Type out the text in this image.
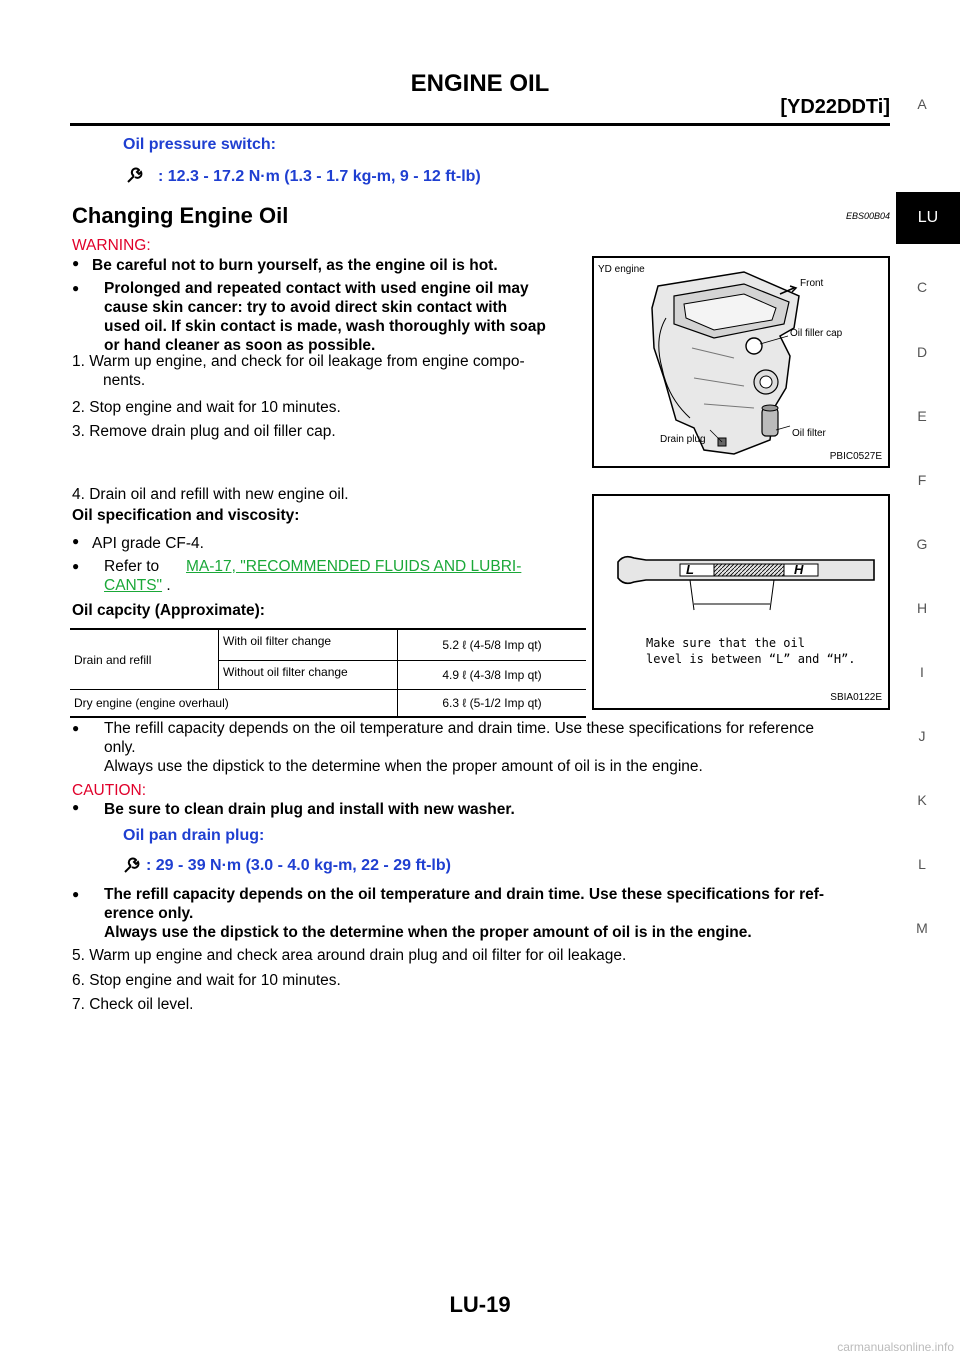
ENGINE OIL
[YD22DDTi]
Oil pressure switch:
: 12.3 - 17.2 N·m (1.3 - 1.7 kg-m, 9 - 12 ft-lb)
Changing Engine Oil	EBS00B04
WARNING:
● Be careful not to burn yourself, as the engine oil is hot.
● Prolonged and repeated contact with used engine oil may
cause skin cancer: try to avoid direct skin contact with
used oil. If skin contact is made, wash thoroughly with soap
or hand cleaner as soon as possible.
1. Warm up engine, and check for oil leakage from engine compo-
nents.
2. Stop engine and wait for 10 minutes.
3. Remove drain plug and oil filler cap.
4. Drain oil and refill with new engine oil.
YD engine
Front
Oil filler cap
Drain plug
Oil filter
PBIC0527E
L	H
Make sure that the oil
level is between “L” and “H”.
SBIA0122E
Oil specification and viscosity:
● API grade CF-4.
● Refer to MA-17, "RECOMMENDED FLUIDS AND LUBRI-
CANTS" .
Oil capcity (Approximate):
Drain and refill	With oil filter change	5.2 ℓ (4-5/8 Imp qt)
	Without oil filter change	4.9 ℓ (4-3/8 Imp qt)
Dry engine (engine overhaul)		6.3 ℓ (5-1/2 Imp qt)
● The refill capacity depends on the oil temperature and drain time. Use these specifications for reference
only.
Always use the dipstick to the determine when the proper amount of oil is in the engine.
CAUTION:
● Be sure to clean drain plug and install with new washer.
Oil pan drain plug:
: 29 - 39 N·m (3.0 - 4.0 kg-m, 22 - 29 ft-lb)
● The refill capacity depends on the oil temperature and drain time. Use these specifications for ref-
erence only.
Always use the dipstick to the determine when the proper amount of oil is in the engine.
5. Warm up engine and check area around drain plug and oil filter for oil leakage.
6. Stop engine and wait for 10 minutes.
7. Check oil level.
A
LU
C
D
E
F
G
H
I
J
K
L
M
LU-19
carmanualsonline.info
